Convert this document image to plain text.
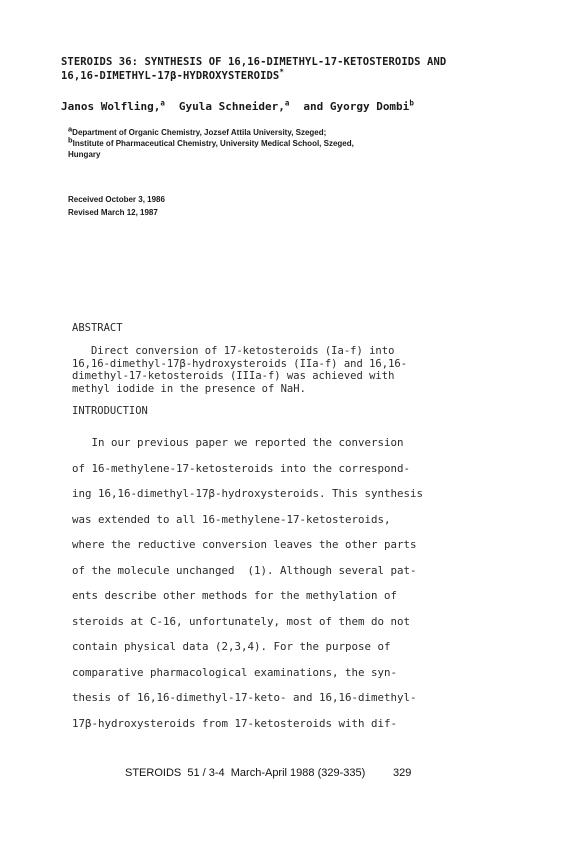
STEROIDS 36: SYNTHESIS OF 16,16-DIMETHYL-17-KETOSTEROIDS AND
16,16-DIMETHYL-17β-HYDROXYSTEROIDS*
Janos Wolfling,$^a$ Gyula Schneider,$^a$ and Gyorgy Dombi$^b$
$^a$Department of Organic Chemistry, Jozsef Attila University, Szeged;
$^b$Institute of Pharmaceutical Chemistry, University Medical School, Szeged,
Hungary
Received October 3, 1986
Revised March 12, 1987
ABSTRACT
Direct conversion of 17-ketosteroids (Ia-f) into
16,16-dimethyl-17β-hydroxysteroids (IIa-f) and 16,16-
dimethyl-17-ketosteroids (IIIa-f) was achieved with
methyl iodide in the presence of NaH.
INTRODUCTION
In our previous paper we reported the conversion
of 16-methylene-17-ketosteroids into the correspond-
ing 16,16-dimethyl-17β-hydroxysteroids. This synthesis
was extended to all 16-methylene-17-ketosteroids,
where the reductive conversion leaves the other parts
of the molecule unchanged  (1). Although several pat-
ents describe other methods for the methylation of
steroids at C-16, unfortunately, most of them do not
contain physical data (2,3,4). For the purpose of
comparative pharmacological examinations, the syn-
thesis of 16,16-dimethyl-17-keto- and 16,16-dimethyl-
17β-hydroxysteroids from 17-ketosteroids with dif-
STEROIDS  51 / 3-4  March-April 1988 (329-335)	329
